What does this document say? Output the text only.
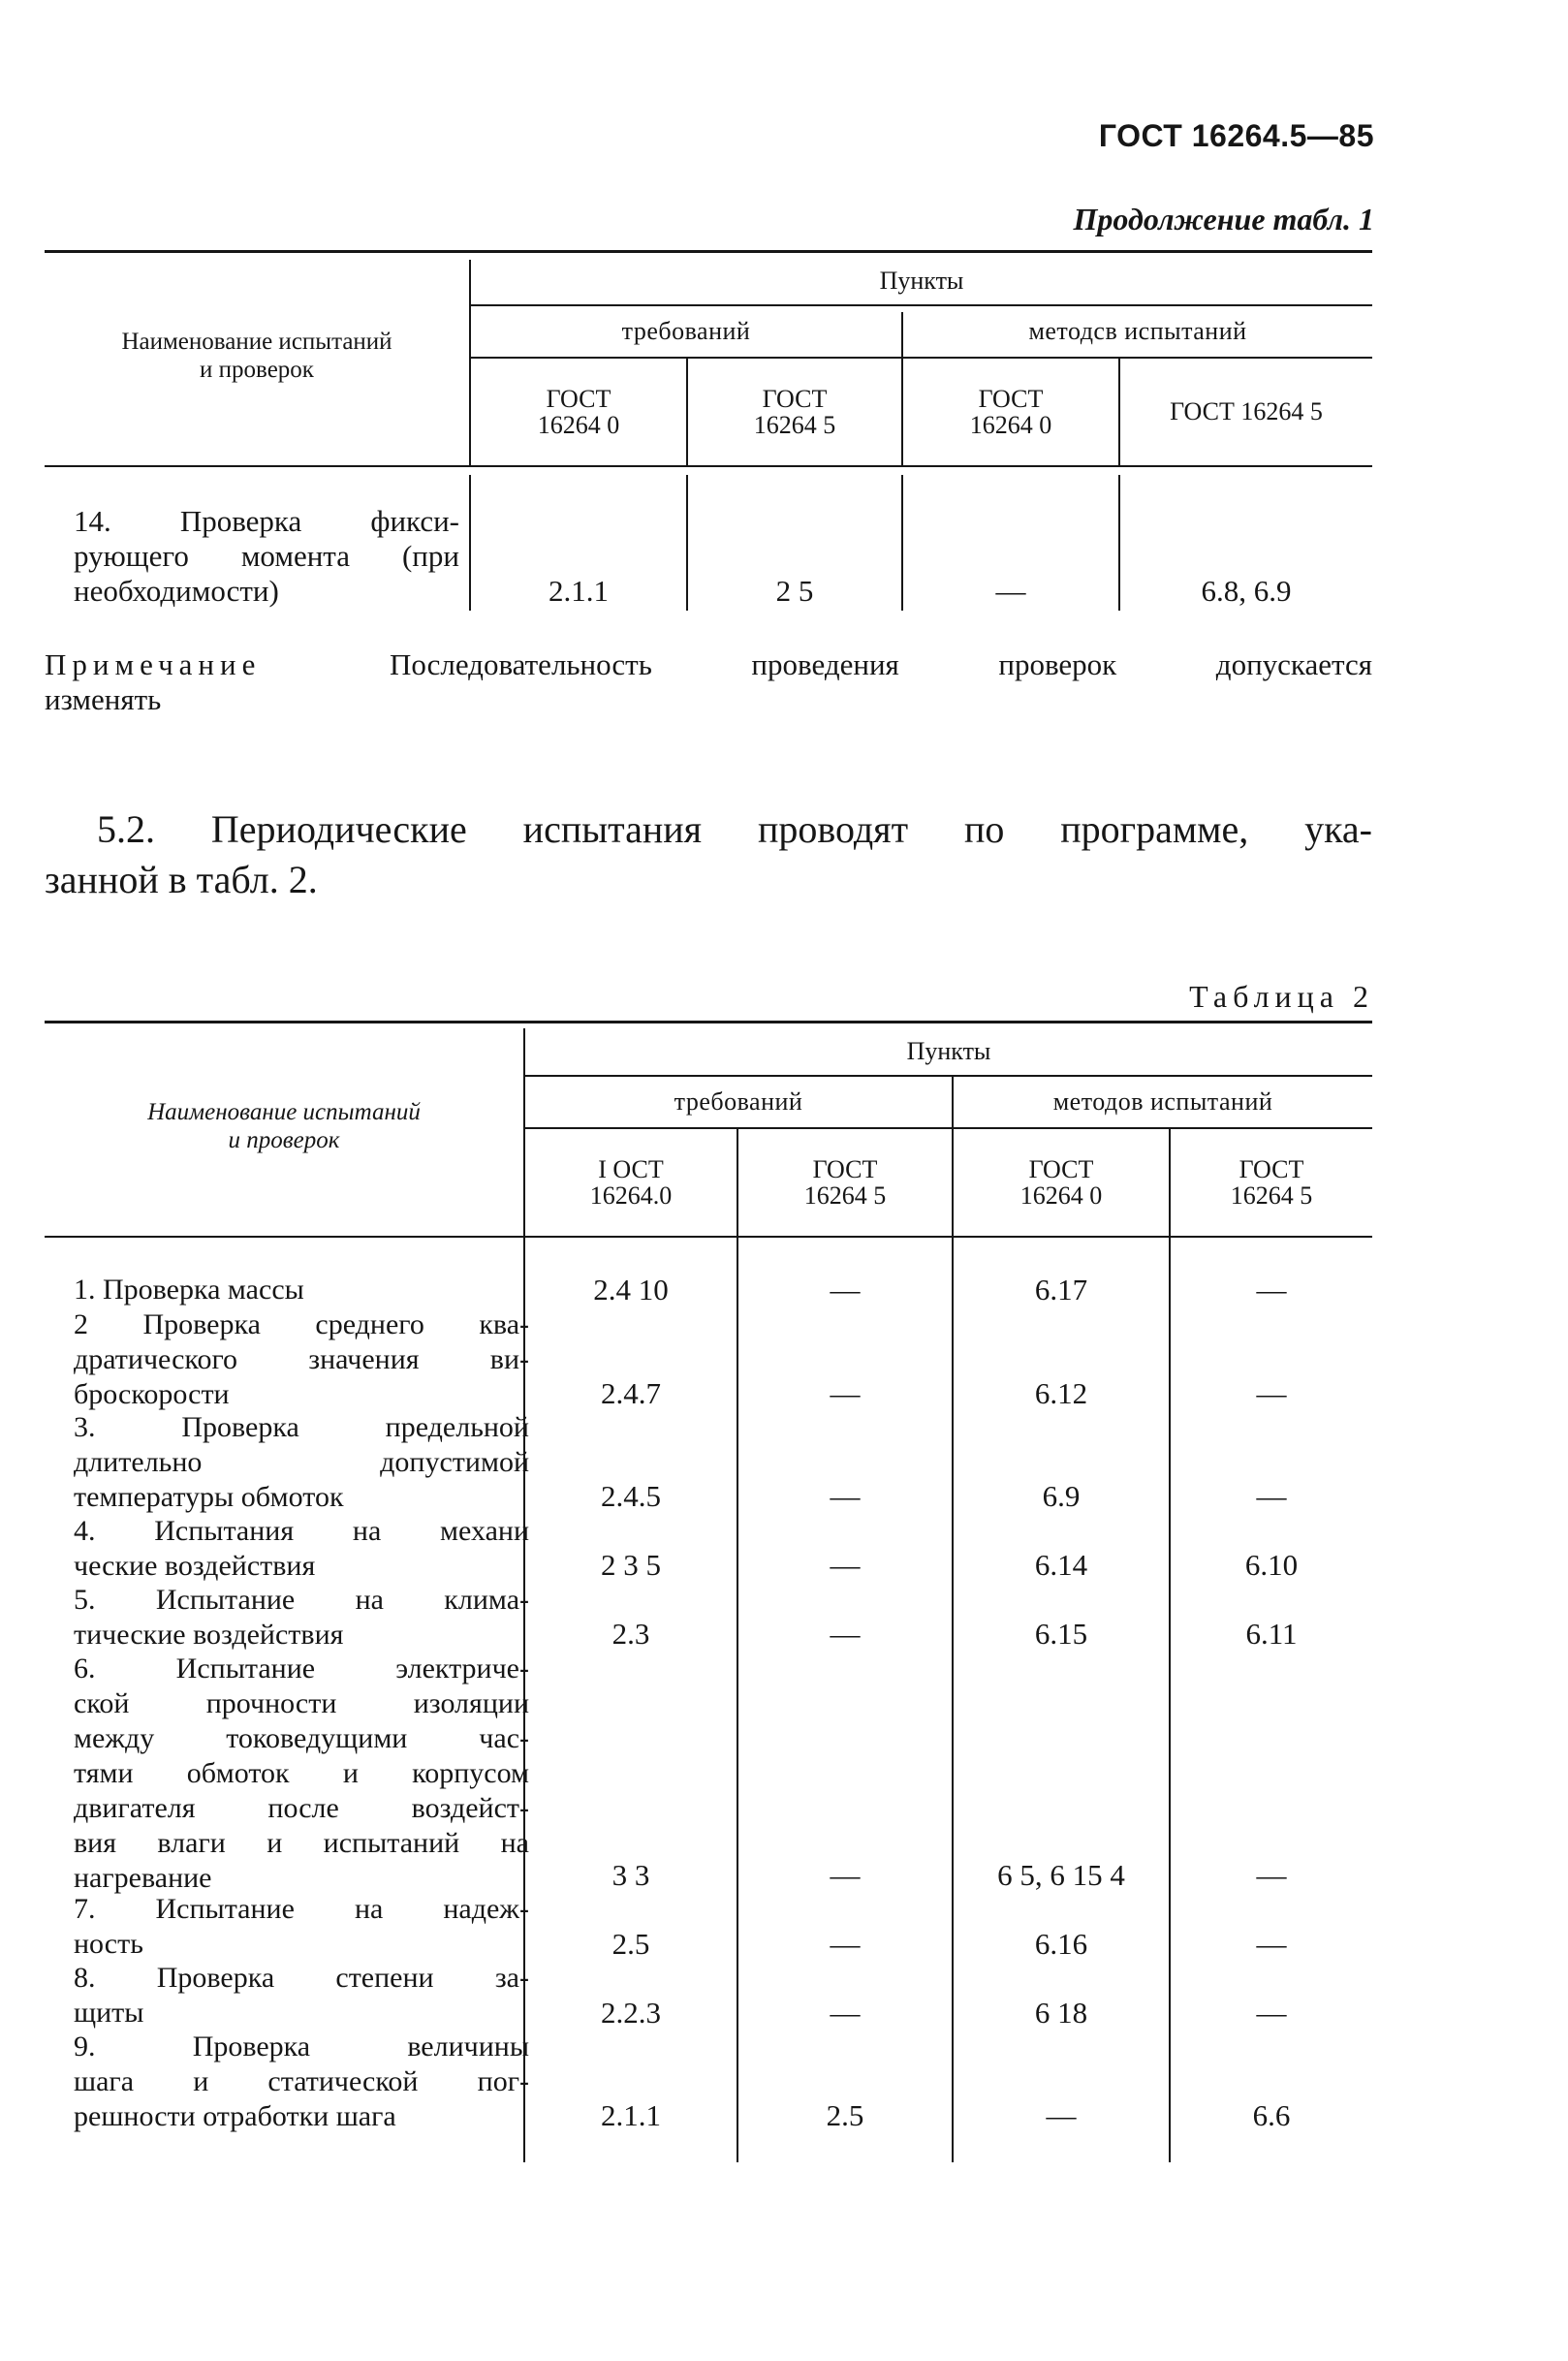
ГОСТ 16264.5—85
Продолжение табл. 1
Наименование испытаний
и проверок
Пункты
требований	методсв испытаний
ГОСТ
16264 0
ГОСТ
16264 5
ГОСТ
16264 0	ГОСТ 16264 5
14. Проверка фикси-
рующего момента (при
необходимости)	2.1.1	2 5	—	6.8, 6.9
Примечание	Последовательность	проведения	проверок	допускается
изменять
5.2. Периодические испытания проводят по программе, ука-
занной в табл. 2.
Таблица 2
Наименование испытаний
и проверок
Пункты
требований	методов испытаний
I ОСТ
16264.0
ГОСТ
16264 5
ГОСТ
16264 0
ГОСТ
16264 5
1. Проверка массы	2.4 10	—	6.17	—
2 Проверка среднего ква-
дратического значения ви-
броскорости	2.4.7	—	6.12	—
3. Проверка предельной
длительно допустимой
температуры обмоток	2.4.5	—	6.9	—
4. Испытания на механи
ческие воздействия	2 3 5	—	6.14	6.10
5. Испытание на клима-
тические воздействия	2.3	—	6.15	6.11
6. Испытание электриче-
ской прочности изоляции
между токоведущими час-
тями обмоток и корпусом
двигателя после воздейст-
вия влаги и испытаний на
нагревание	3 3	—	6 5, 6 15 4	—
7. Испытание на надеж-
ность	2.5	—	6.16	—
8. Проверка степени за-
щиты	2.2.3	—	6 18	—
9. Проверка величины
шага и статической пог-
решности отработки шага	2.1.1	2.5	—	6.6
